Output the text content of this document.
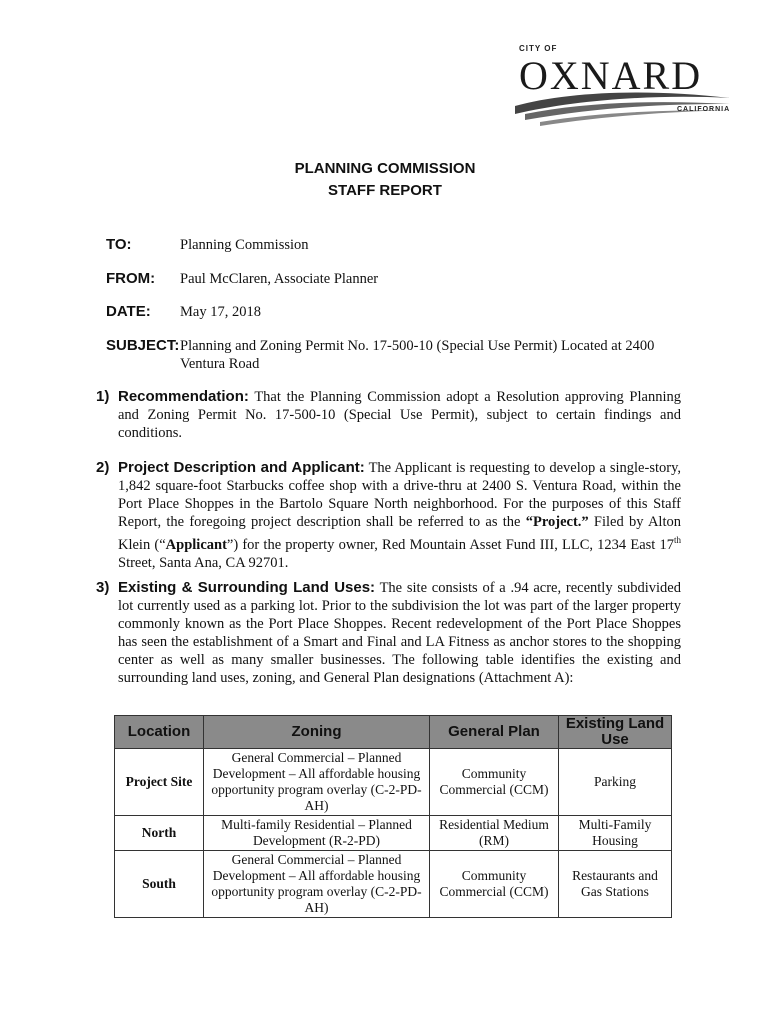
CITY OF
OXNARD
CALIFORNIA
PLANNING COMMISSION
STAFF REPORT
TO:	Planning Commission
FROM: Paul McClaren, Associate Planner
DATE: May 17, 2018
SUBJECT: Planning and Zoning Permit No. 17-500-10 (Special Use Permit) Located at 2400 Ventura Road

1) Recommendation: That the Planning Commission adopt a Resolution approving Planning and Zoning Permit No. 17-500-10 (Special Use Permit), subject to certain findings and conditions.

2) Project Description and Applicant: The Applicant is requesting to develop a single-story, 1,842 square-foot Starbucks coffee shop with a drive-thru at 2400 S. Ventura Road, within the Port Place Shoppes in the Bartolo Square North neighborhood. For the purposes of this Staff Report, the foregoing project description shall be referred to as the “Project.” Filed by Alton Klein (“Applicant”) for the property owner, Red Mountain Asset Fund III, LLC, 1234 East 17th Street, Santa Ana, CA 92701.

3) Existing & Surrounding Land Uses: The site consists of a .94 acre, recently subdivided lot currently used as a parking lot. Prior to the subdivision the lot was part of the larger property commonly known as the Port Place Shoppes. Recent redevelopment of the Port Place Shoppes has seen the establishment of a Smart and Final and LA Fitness as anchor stores to the shopping center as well as many smaller businesses. The following table identifies the existing and surrounding land uses, zoning, and General Plan designations (Attachment A):

Location	Zoning	General Plan	Existing Land Use
Project Site	General Commercial – Planned Development – All affordable housing opportunity program overlay (C-2-PD-AH)	Community Commercial (CCM)	Parking
North	Multi-family Residential – Planned Development (R-2-PD)	Residential Medium (RM)	Multi-Family Housing
South	General Commercial – Planned Development – All affordable housing opportunity program overlay (C-2-PD-AH)	Community Commercial (CCM)	Restaurants and Gas Stations
